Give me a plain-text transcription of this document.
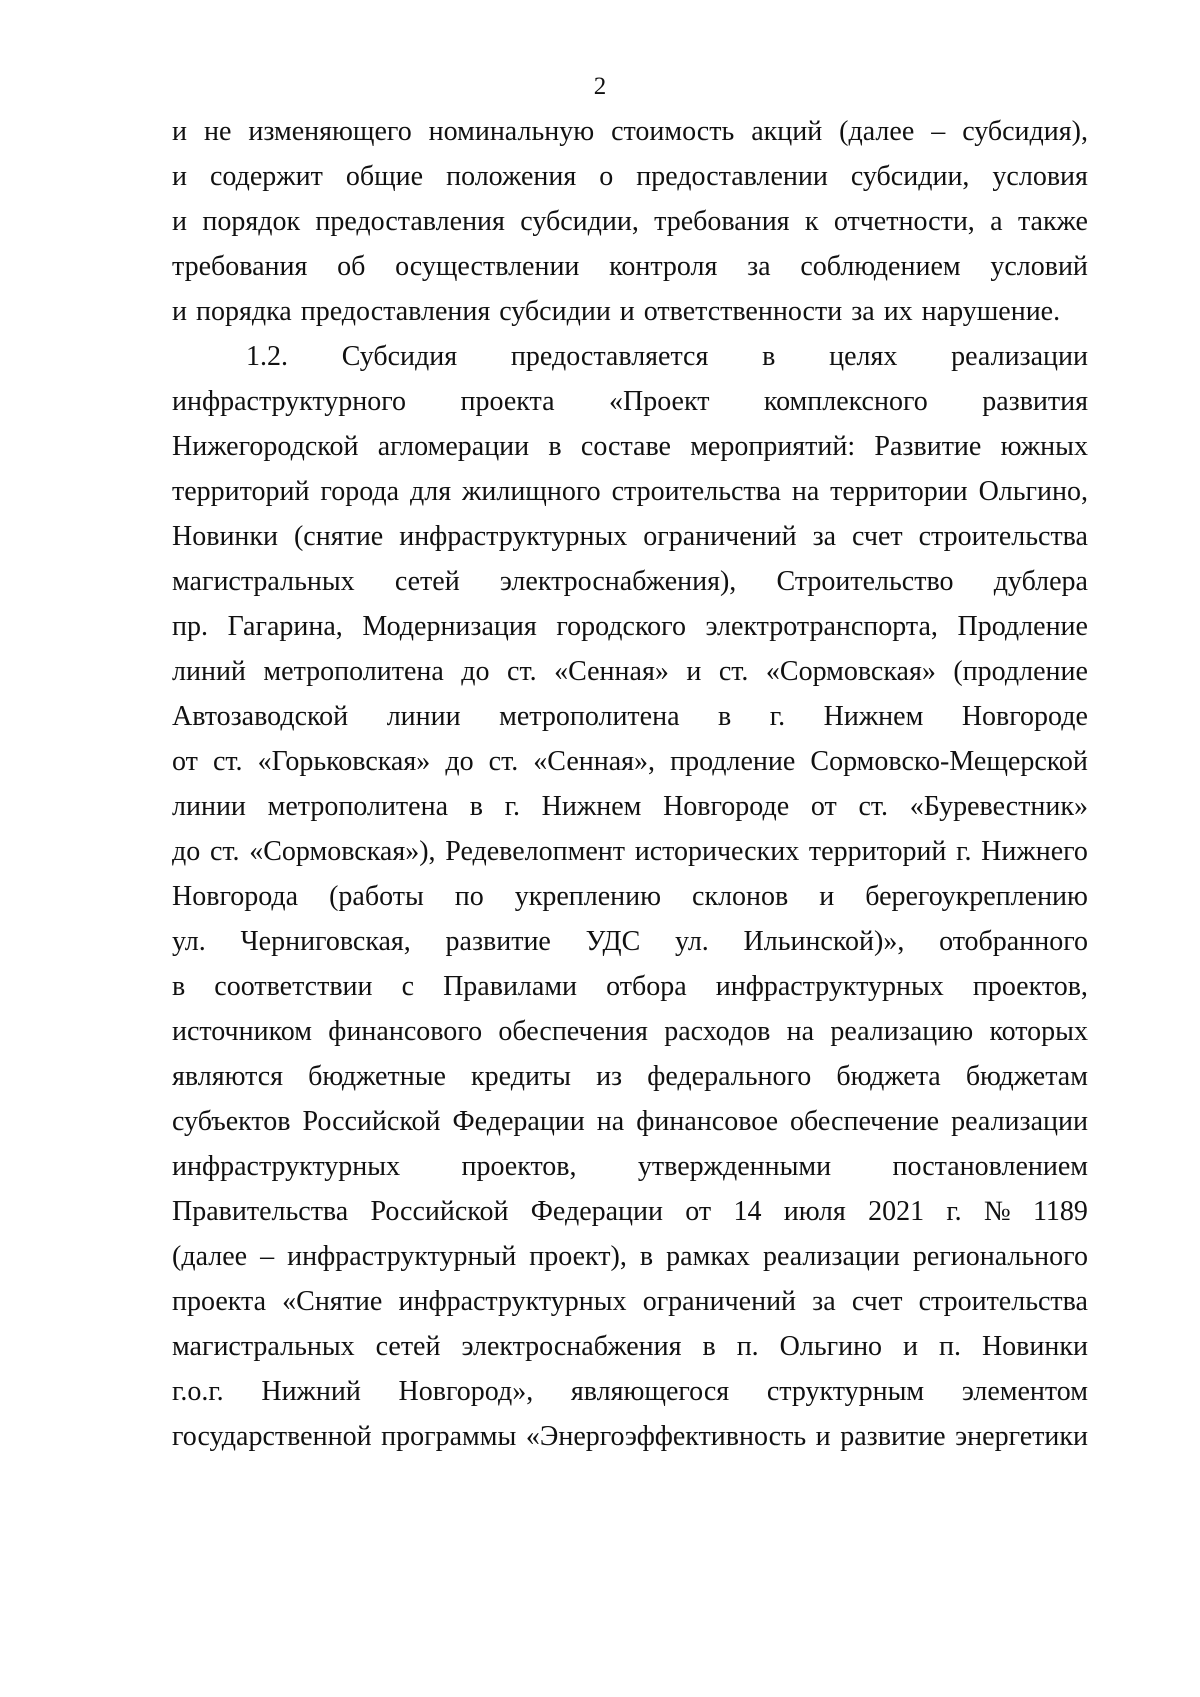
2
и не изменяющего номинальную стоимость акций (далее – субсидия),
и содержит общие положения о предоставлении субсидии, условия
и порядок предоставления субсидии, требования к отчетности, а также
требования об осуществлении контроля за соблюдением условий
и порядка предоставления субсидии и ответственности за их нарушение.
1.2. Субсидия предоставляется в целях реализации
инфраструктурного проекта «Проект комплексного развития
Нижегородской агломерации в составе мероприятий: Развитие южных
территорий города для жилищного строительства на территории Ольгино,
Новинки (снятие инфраструктурных ограничений за счет строительства
магистральных сетей электроснабжения), Строительство дублера
пр. Гагарина, Модернизация городского электротранспорта, Продление
линий метрополитена до ст. «Сенная» и ст. «Сормовская» (продление
Автозаводской линии метрополитена в г. Нижнем Новгороде
от ст. «Горьковская» до ст. «Сенная», продление Сормовско-Мещерской
линии метрополитена в г. Нижнем Новгороде от ст. «Буревестник»
до ст. «Сормовская»), Редевелопмент исторических территорий г. Нижнего
Новгорода (работы по укреплению склонов и берегоукреплению
ул. Черниговская, развитие УДС ул. Ильинской)», отобранного
в соответствии с Правилами отбора инфраструктурных проектов,
источником финансового обеспечения расходов на реализацию которых
являются бюджетные кредиты из федерального бюджета бюджетам
субъектов Российской Федерации на финансовое обеспечение реализации
инфраструктурных проектов, утвержденными постановлением
Правительства Российской Федерации от 14 июля 2021 г. № 1189
(далее – инфраструктурный проект), в рамках реализации регионального
проекта «Снятие инфраструктурных ограничений за счет строительства
магистральных сетей электроснабжения в п. Ольгино и п. Новинки
г.о.г. Нижний Новгород», являющегося структурным элементом
государственной программы «Энергоэффективность и развитие энергетики
